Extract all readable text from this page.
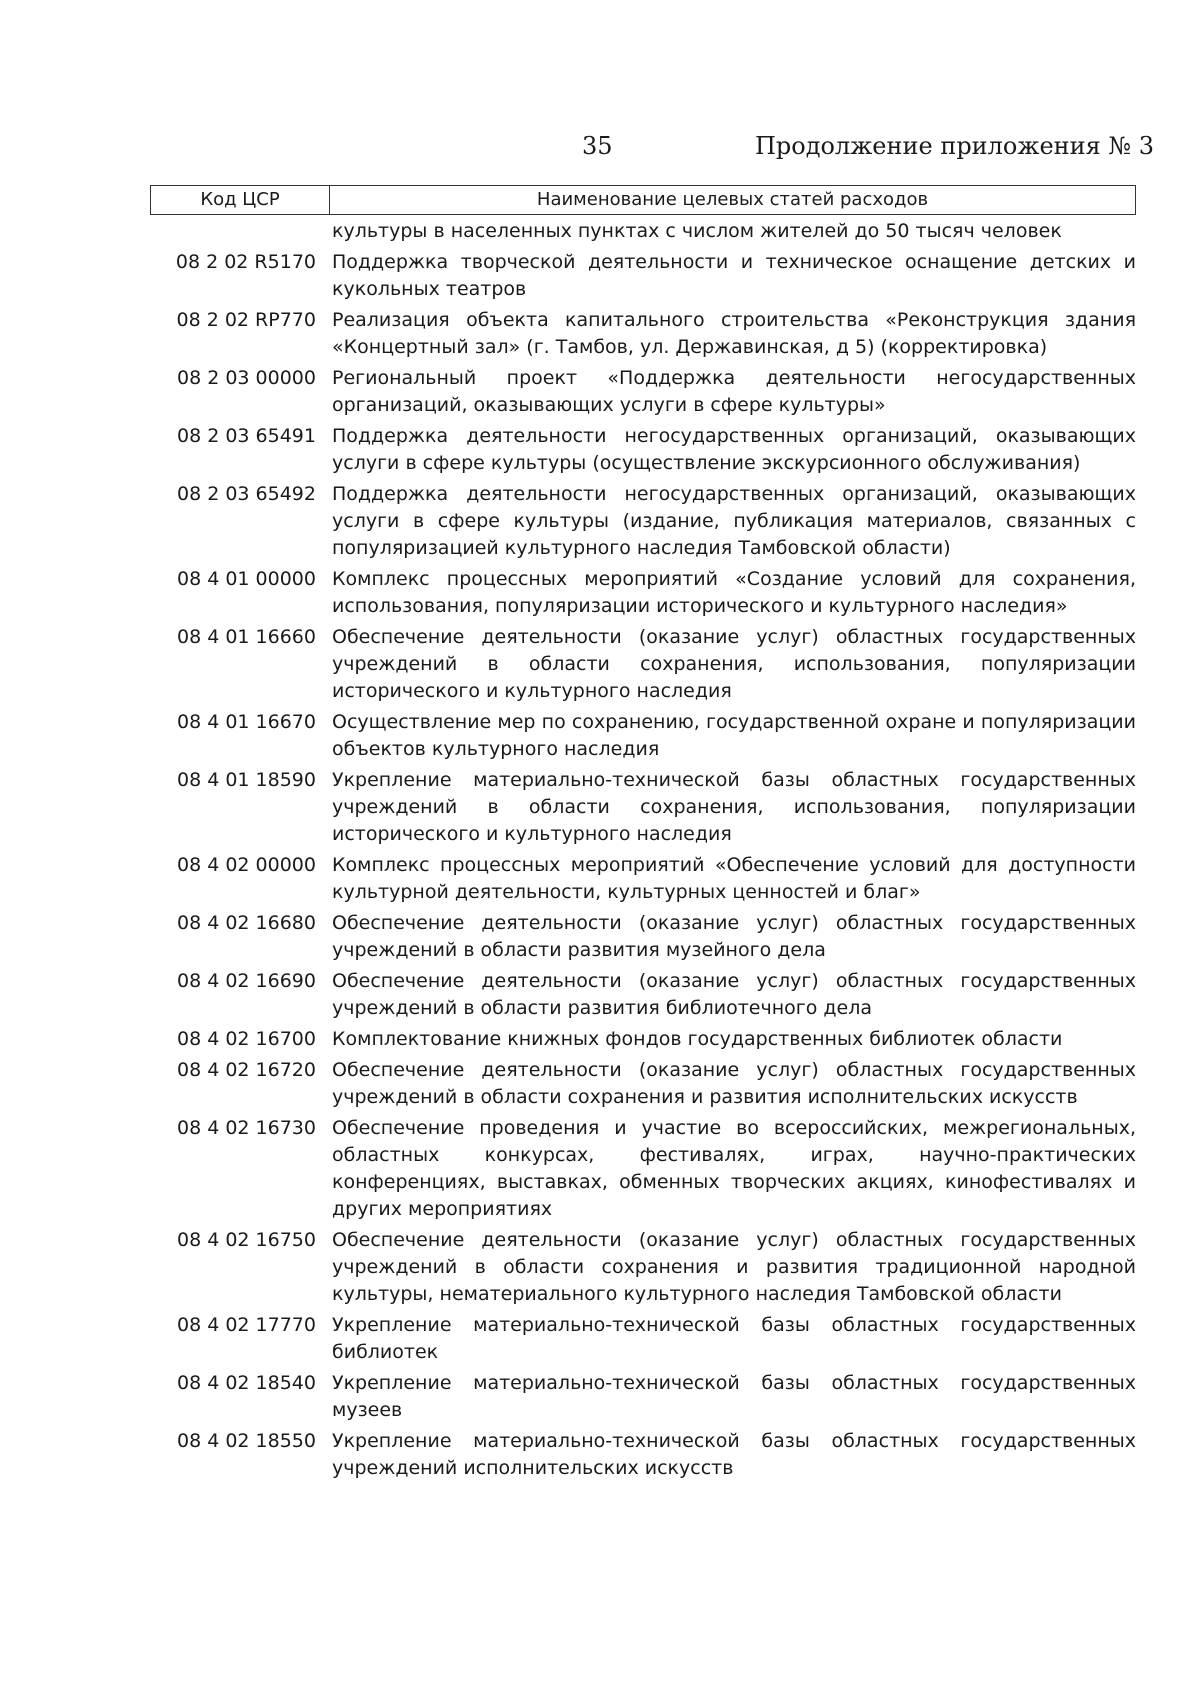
35	Продолжение приложения № 3
Код ЦСР	Наименование целевых статей расходов
культуры в населенных пунктах с числом жителей до 50 тысяч человек
08 2 02 R5170 Поддержка творческой деятельности и техническое оснащение детских и кукольных театров
08 2 02 RP770 Реализация объекта капитального строительства «Реконструкция здания «Концертный зал» (г. Тамбов, ул. Державинская, д 5) (корректировка)
08 2 03 00000 Региональный проект «Поддержка деятельности негосударственных организаций, оказывающих услуги в сфере культуры»
08 2 03 65491 Поддержка деятельности негосударственных организаций, оказывающих услуги в сфере культуры (осуществление экскурсионного обслуживания)
08 2 03 65492 Поддержка деятельности негосударственных организаций, оказывающих услуги в сфере культуры (издание, публикация материалов, связанных с популяризацией культурного наследия Тамбовской области)
08 4 01 00000 Комплекс процессных мероприятий «Создание условий для сохранения, использования, популяризации исторического и культурного наследия»
08 4 01 16660 Обеспечение деятельности (оказание услуг) областных государственных учреждений в области сохранения, использования, популяризации исторического и культурного наследия
08 4 01 16670 Осуществление мер по сохранению, государственной охране и популяризации объектов культурного наследия
08 4 01 18590 Укрепление материально-технической базы областных государственных учреждений в области сохранения, использования, популяризации исторического и культурного наследия
08 4 02 00000 Комплекс процессных мероприятий «Обеспечение условий для доступности культурной деятельности, культурных ценностей и благ»
08 4 02 16680 Обеспечение деятельности (оказание услуг) областных государственных учреждений в области развития музейного дела
08 4 02 16690 Обеспечение деятельности (оказание услуг) областных государственных учреждений в области развития библиотечного дела
08 4 02 16700 Комплектование книжных фондов государственных библиотек области
08 4 02 16720 Обеспечение деятельности (оказание услуг) областных государственных учреждений в области сохранения и развития исполнительских искусств
08 4 02 16730 Обеспечение проведения и участие во всероссийских, межрегиональных, областных конкурсах, фестивалях, играх, научно-практических конференциях, выставках, обменных творческих акциях, кинофестивалях и других мероприятиях
08 4 02 16750 Обеспечение деятельности (оказание услуг) областных государственных учреждений в области сохранения и развития традиционной народной культуры, нематериального культурного наследия Тамбовской области
08 4 02 17770 Укрепление материально-технической базы областных государственных библиотек
08 4 02 18540 Укрепление материально-технической базы областных государственных музеев
08 4 02 18550 Укрепление материально-технической базы областных государственных учреждений исполнительских искусств
